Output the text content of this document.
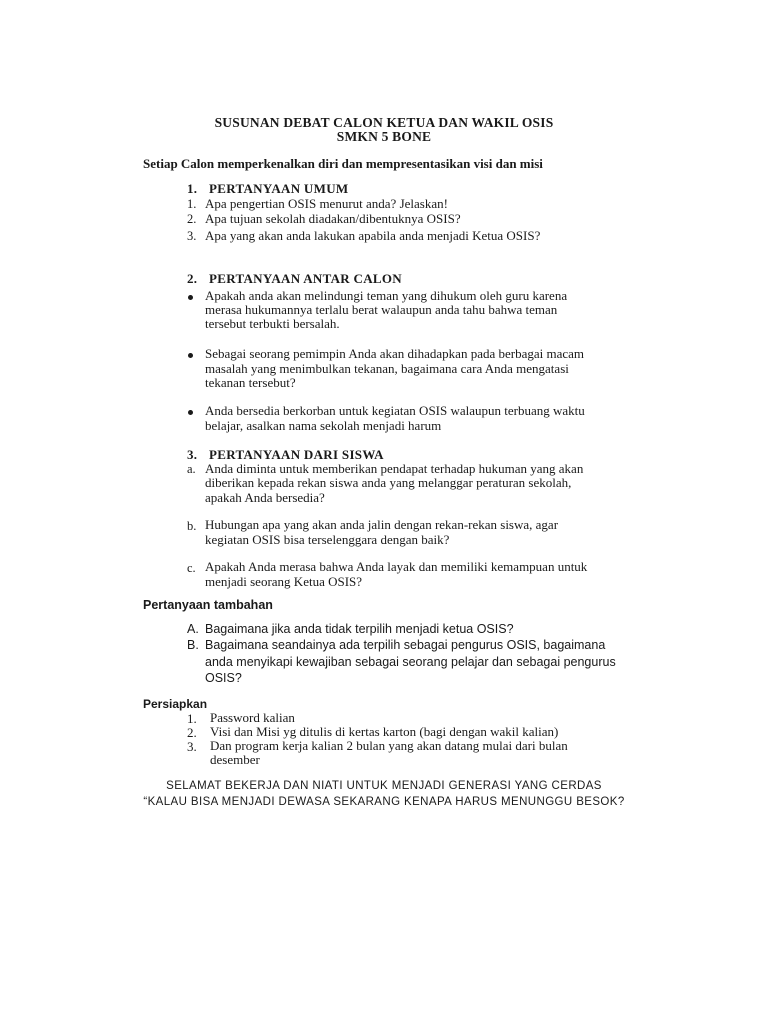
SUSUNAN DEBAT CALON KETUA DAN WAKIL OSIS
SMKN 5 BONE
Setiap Calon memperkenalkan diri dan mempresentasikan visi dan misi
1. PERTANYAAN UMUM
1. Apa pengertian OSIS menurut anda? Jelaskan!
2. Apa tujuan sekolah diadakan/dibentuknya OSIS?
3. Apa yang akan anda lakukan apabila anda menjadi Ketua OSIS?
2. PERTANYAAN ANTAR CALON
Apakah anda akan melindungi teman yang dihukum oleh guru karena
merasa hukumannya terlalu berat walaupun anda tahu bahwa teman
tersebut terbukti bersalah.
Sebagai seorang pemimpin Anda akan dihadapkan pada berbagai macam
masalah yang menimbulkan tekanan, bagaimana cara Anda mengatasi
tekanan tersebut?
Anda bersedia berkorban untuk kegiatan OSIS walaupun terbuang waktu
belajar, asalkan nama sekolah menjadi harum
3. PERTANYAAN DARI SISWA
a. Anda diminta untuk memberikan pendapat terhadap hukuman yang akan
diberikan kepada rekan siswa anda yang melanggar peraturan sekolah,
apakah Anda bersedia?
b. Hubungan apa yang akan anda jalin dengan rekan-rekan siswa, agar
kegiatan OSIS bisa terselenggara dengan baik?
c. Apakah Anda merasa bahwa Anda layak dan memiliki kemampuan untuk
menjadi seorang Ketua OSIS?
Pertanyaan tambahan
A. Bagaimana jika anda tidak terpilih menjadi ketua OSIS?
B. Bagaimana seandainya ada terpilih sebagai pengurus OSIS, bagaimana
anda menyikapi kewajiban sebagai seorang pelajar dan sebagai pengurus
OSIS?
Persiapkan
1. Password kalian
2. Visi dan Misi yg ditulis di kertas karton (bagi dengan wakil kalian)
3. Dan program kerja kalian 2 bulan yang akan datang mulai dari bulan
desember
SELAMAT BEKERJA DAN NIATI UNTUK MENJADI GENERASI YANG CERDAS
“KALAU BISA MENJADI DEWASA SEKARANG KENAPA HARUS MENUNGGU BESOK?
